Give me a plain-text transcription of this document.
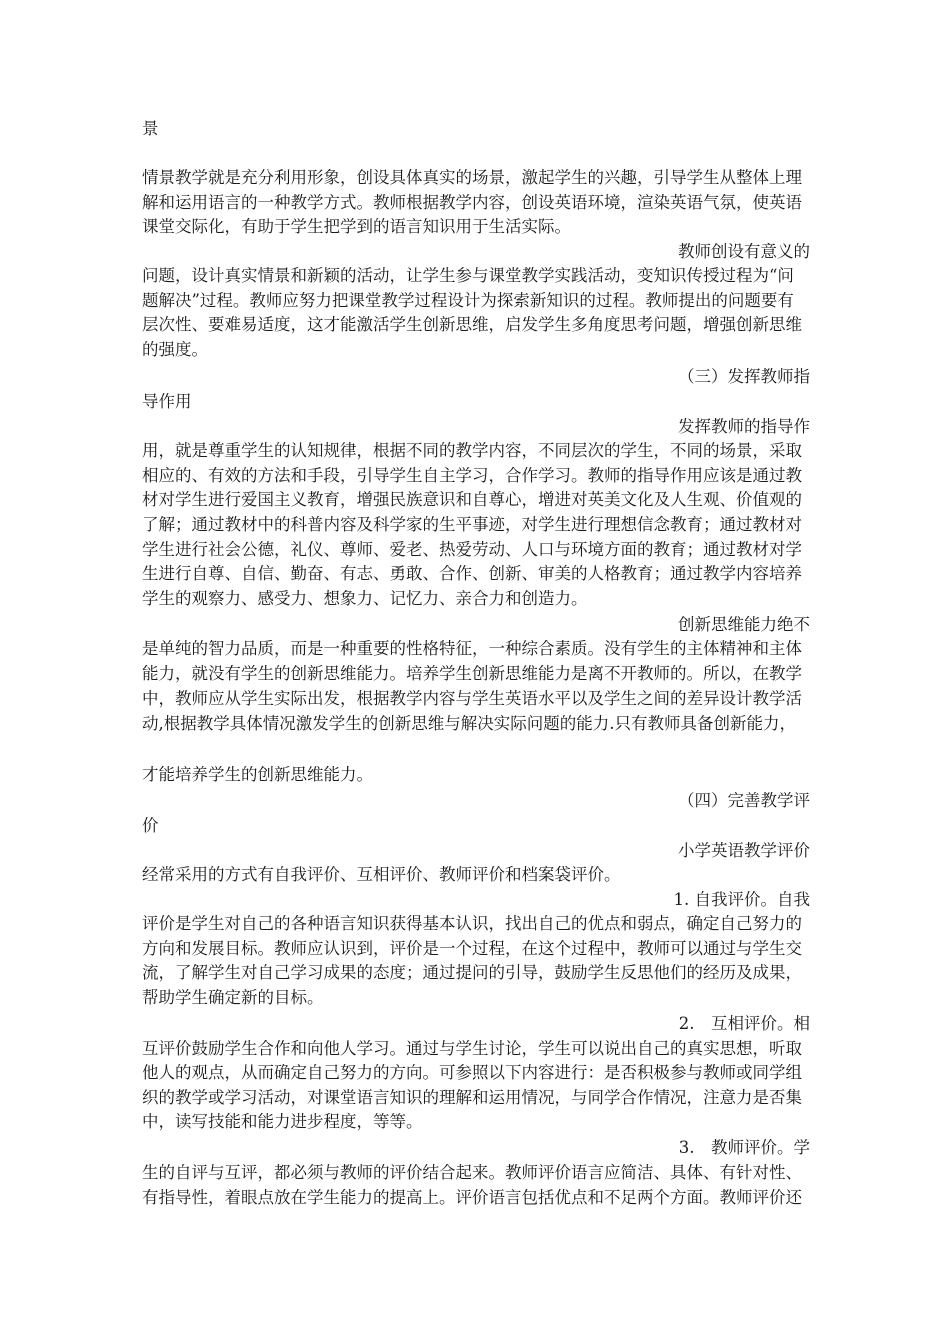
景
情景教学就是充分利用形象，创设具体真实的场景，激起学生的兴趣，引导学生从整体上理
解和运用语言的一种教学方式。教师根据教学内容，创设英语环境，渲染英语气氛，使英语
课堂交际化，有助于学生把学到的语言知识用于生活实际。
教师创设有意义的
问题，设计真实情景和新颖的活动，让学生参与课堂教学实践活动，变知识传授过程为“问
题解决”过程。教师应努力把课堂教学过程设计为探索新知识的过程。教师提出的问题要有
层次性、要难易适度，这才能激活学生创新思维，启发学生多角度思考问题，增强创新思维
的强度。
（三）发挥教师指
导作用
发挥教师的指导作
用，就是尊重学生的认知规律，根据不同的教学内容，不同层次的学生，不同的场景，采取
相应的、有效的方法和手段，引导学生自主学习，合作学习。教师的指导作用应该是通过教
材对学生进行爱国主义教育，增强民族意识和自尊心，增进对英美文化及人生观、价值观的
了解；通过教材中的科普内容及科学家的生平事迹，对学生进行理想信念教育；通过教材对
学生进行社会公德，礼仪、尊师、爱老、热爱劳动、人口与环境方面的教育；通过教材对学
生进行自尊、自信、勤奋、有志、勇敢、合作、创新、审美的人格教育；通过教学内容培养
学生的观察力、感受力、想象力、记忆力、亲合力和创造力。
创新思维能力绝不
是单纯的智力品质，而是一种重要的性格特征，一种综合素质。没有学生的主体精神和主体
能力，就没有学生的创新思维能力。培养学生创新思维能力是离不开教师的。所以，在教学
中，教师应从学生实际出发，根据教学内容与学生英语水平以及学生之间的差异设计教学活
动,根据教学具体情况激发学生的创新思维与解决实际问题的能力.只有教师具备创新能力，
才能培养学生的创新思维能力。
（四）完善教学评
价
小学英语教学评价
经常采用的方式有自我评价、互相评价、教师评价和档案袋评价。
1. 自我评价。自我
评价是学生对自己的各种语言知识获得基本认识，找出自己的优点和弱点，确定自己努力的
方向和发展目标。教师应认识到，评价是一个过程，在这个过程中，教师可以通过与学生交
流，了解学生对自己学习成果的态度；通过提问的引导，鼓励学生反思他们的经历及成果，
帮助学生确定新的目标。
2.　互相评价。相
互评价鼓励学生合作和向他人学习。通过与学生讨论，学生可以说出自己的真实思想，听取
他人的观点，从而确定自己努力的方向。可参照以下内容进行：是否积极参与教师或同学组
织的教学或学习活动，对课堂语言知识的理解和运用情况，与同学合作情况，注意力是否集
中，读写技能和能力进步程度，等等。
3.　教师评价。学
生的自评与互评，都必须与教师的评价结合起来。教师评价语言应简洁、具体、有针对性、
有指导性，着眼点放在学生能力的提高上。评价语言包括优点和不足两个方面。教师评价还
